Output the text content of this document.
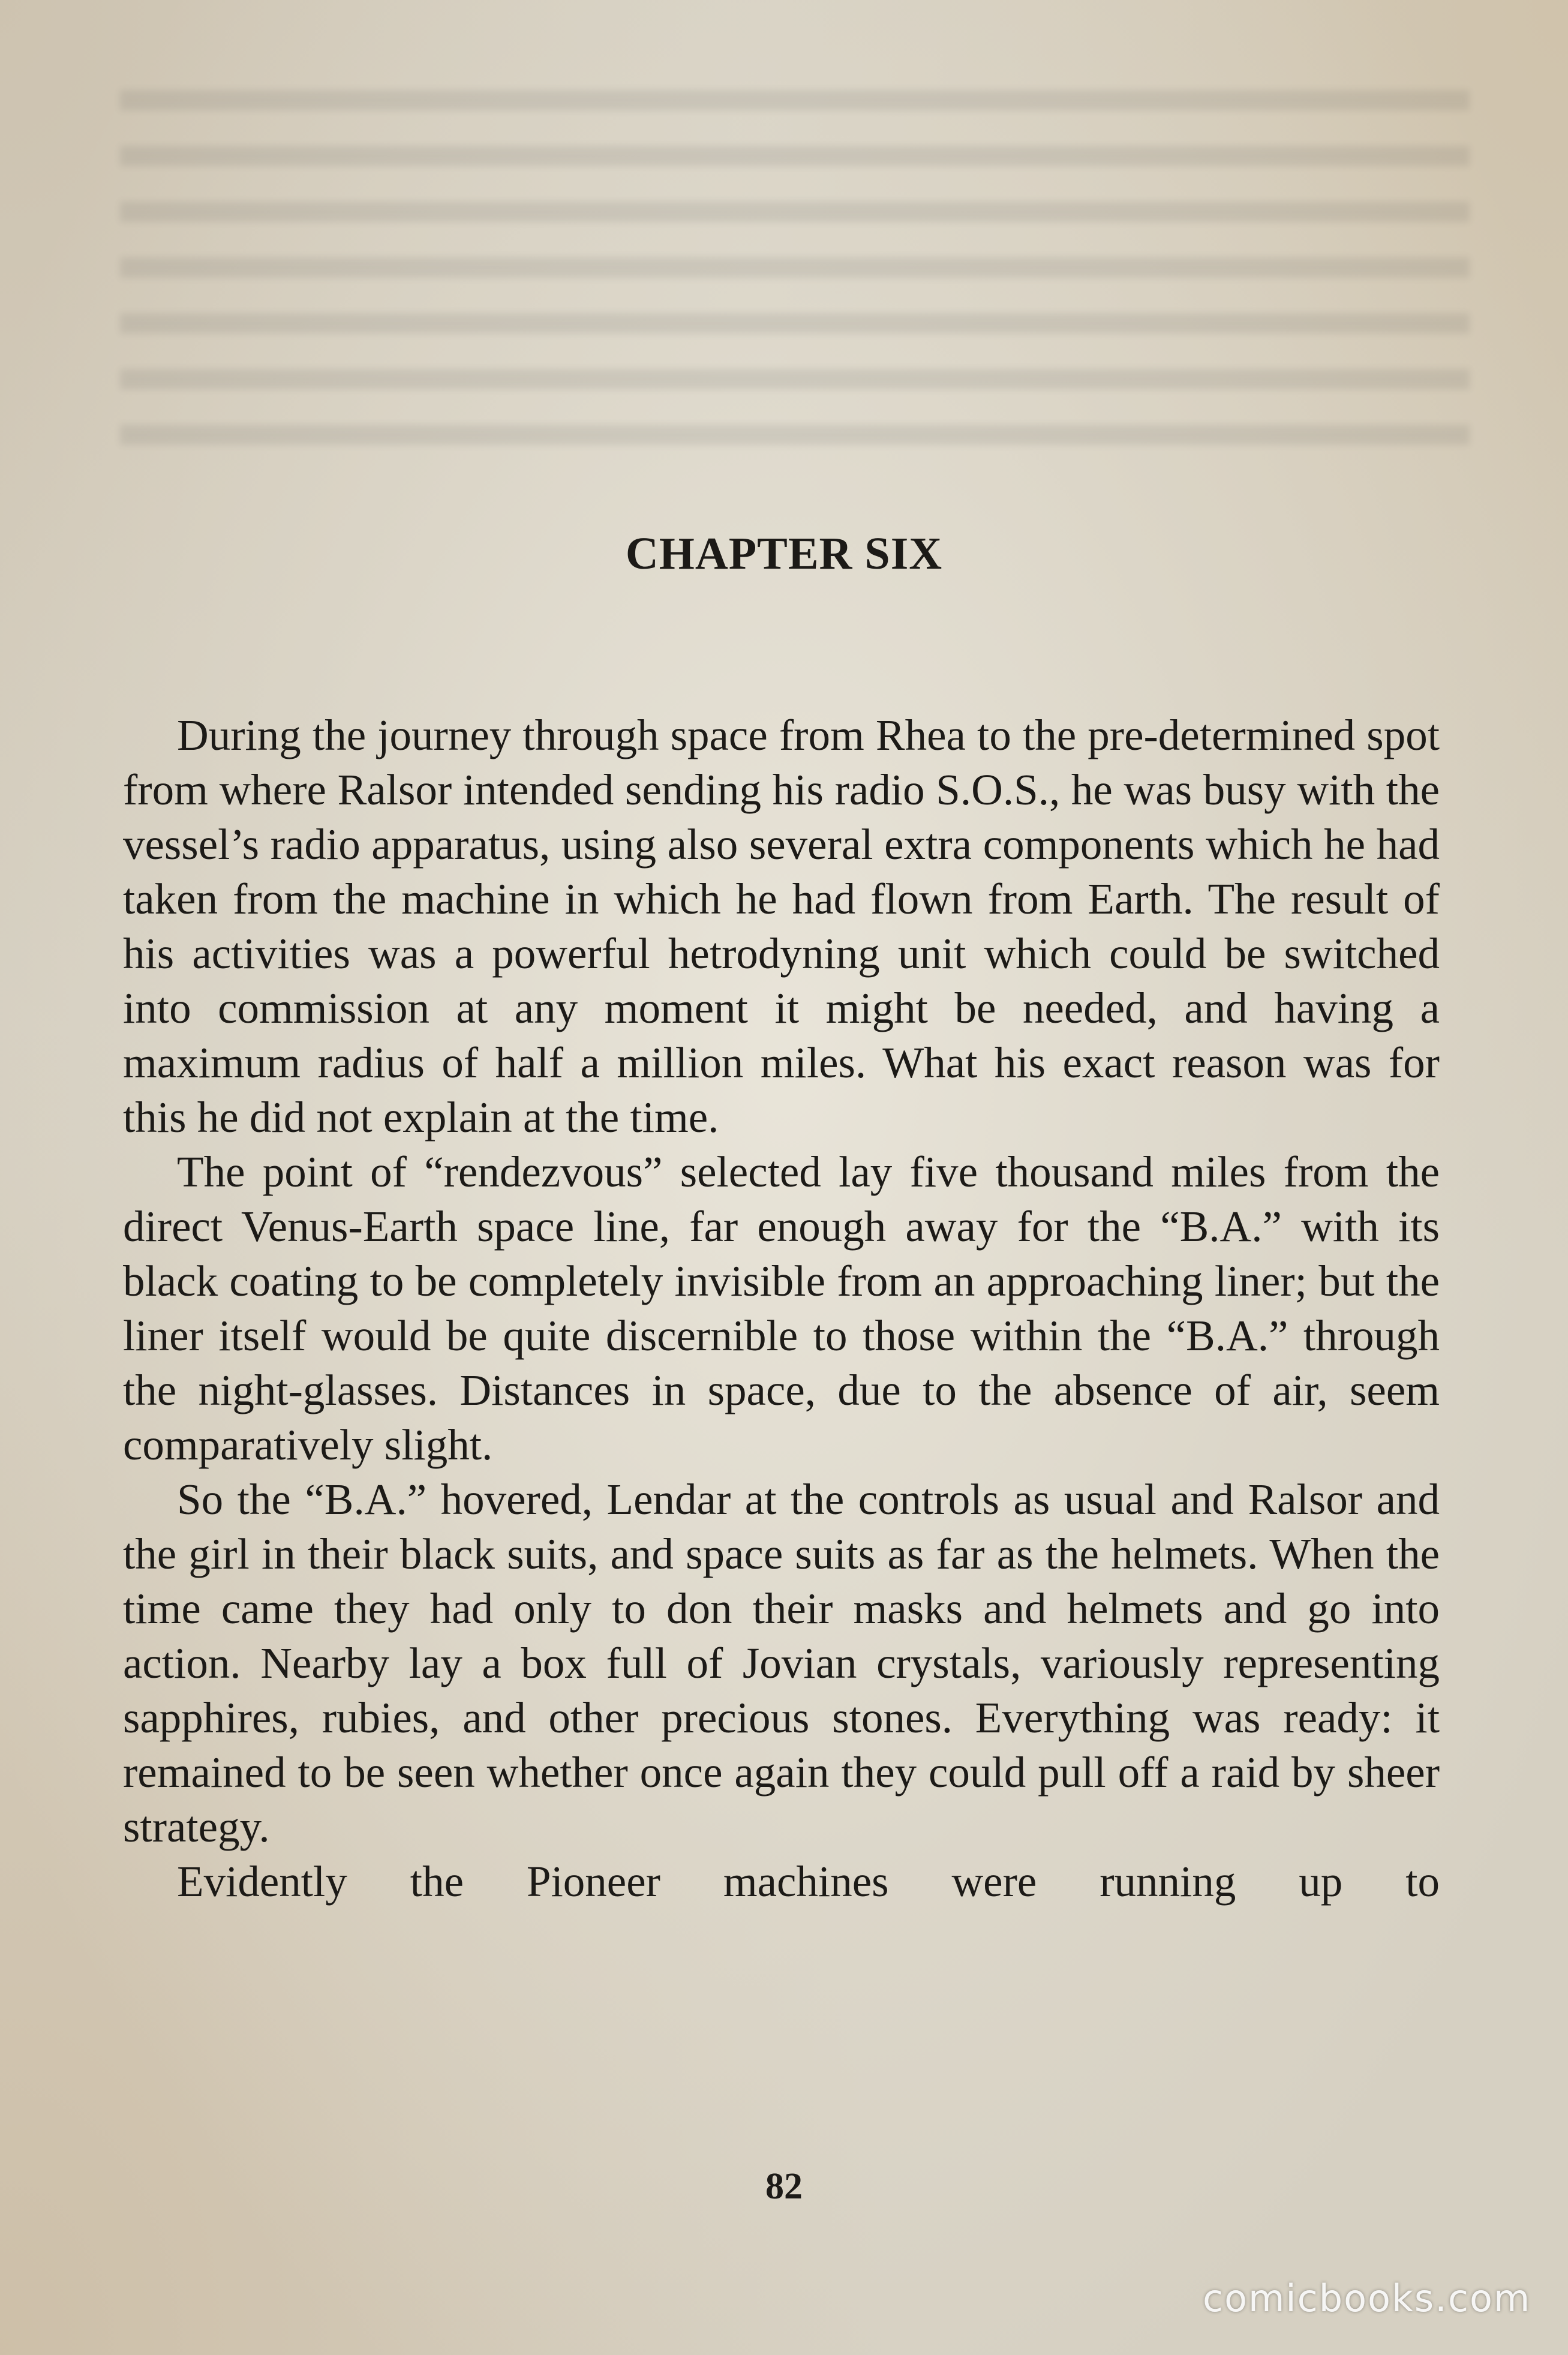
CHAPTER SIX

During the journey through space from Rhea to the pre-determined spot from where Ralsor intended sending his radio S.O.S., he was busy with the vessel’s radio apparatus, using also several extra components which he had taken from the machine in which he had flown from Earth. The result of his activities was a powerful hetrodyning unit which could be switched into commission at any moment it might be needed, and having a maximum radius of half a million miles. What his exact reason was for this he did not explain at the time.

The point of “rendezvous” selected lay five thousand miles from the direct Venus-Earth space line, far enough away for the “B.A.” with its black coating to be completely invisible from an approaching liner; but the liner itself would be quite discernible to those within the “B.A.” through the night-glasses. Distances in space, due to the absence of air, seem comparatively slight.

So the “B.A.” hovered, Lendar at the controls as usual and Ralsor and the girl in their black suits, and space suits as far as the helmets. When the time came they had only to don their masks and helmets and go into action. Nearby lay a box full of Jovian crystals, variously representing sapphires, rubies, and other precious stones. Everything was ready: it remained to be seen whether once again they could pull off a raid by sheer strategy.

Evidently the Pioneer machines were running up to

82

comicbooks.com
